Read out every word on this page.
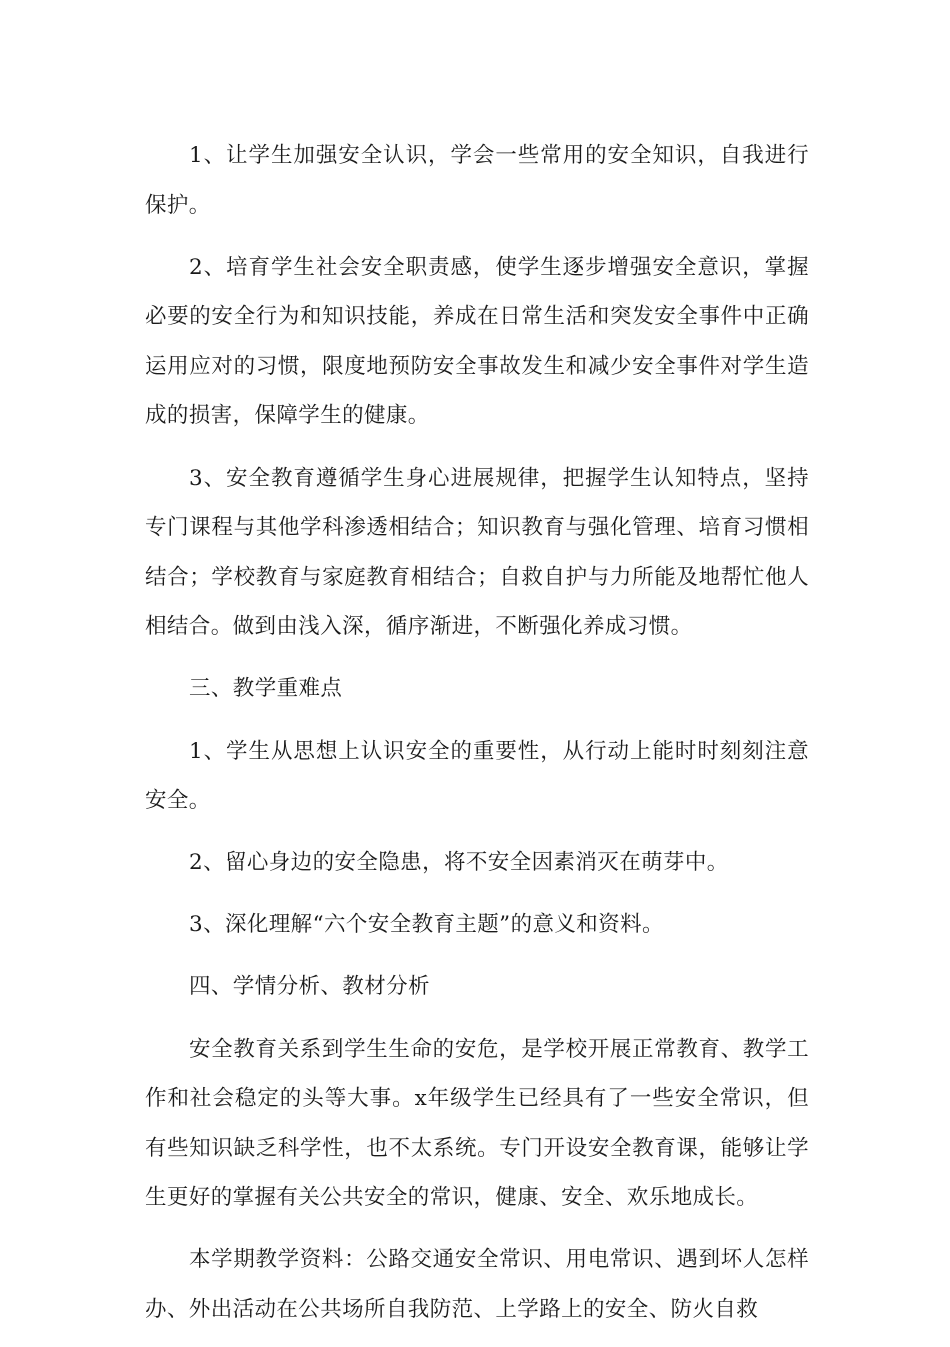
1、让学生加强安全认识，学会一些常用的安全知识，自我进行保护。

2、培育学生社会安全职责感，使学生逐步增强安全意识，掌握必要的安全行为和知识技能，养成在日常生活和突发安全事件中正确运用应对的习惯，限度地预防安全事故发生和减少安全事件对学生造成的损害，保障学生的健康。

3、安全教育遵循学生身心进展规律，把握学生认知特点，坚持专门课程与其他学科渗透相结合；知识教育与强化管理、培育习惯相结合；学校教育与家庭教育相结合；自救自护与力所能及地帮忙他人相结合。做到由浅入深，循序渐进，不断强化养成习惯。

三、教学重难点

1、学生从思想上认识安全的重要性，从行动上能时时刻刻注意安全。

2、留心身边的安全隐患，将不安全因素消灭在萌芽中。

3、深化理解“六个安全教育主题”的意义和资料。

四、学情分析、教材分析

安全教育关系到学生生命的安危，是学校开展正常教育、教学工作和社会稳定的头等大事。x年级学生已经具有了一些安全常识，但有些知识缺乏科学性，也不太系统。专门开设安全教育课，能够让学生更好的掌握有关公共安全的常识，健康、安全、欢乐地成长。

本学期教学资料：公路交通安全常识、用电常识、遇到坏人怎样办、外出活动在公共场所自我防范、上学路上的安全、防火自救
